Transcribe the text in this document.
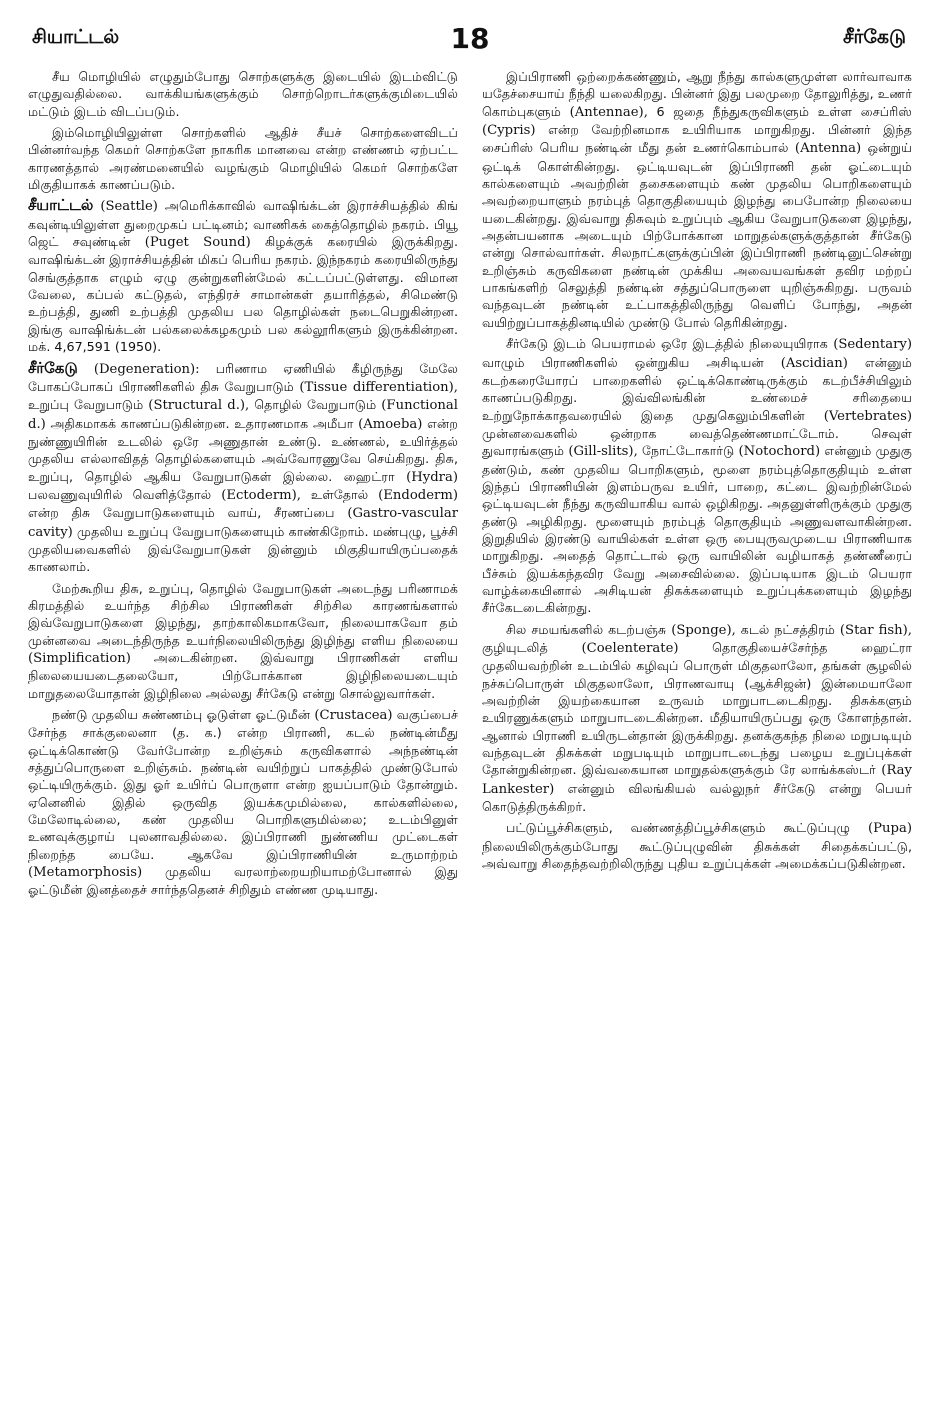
சியாட்டல்	18	சீர்கேடு

சீய மொழியில் எழுதும்போது சொற்களுக்கு இடையில் இடம்விட்டு எழுதுவதில்லை. வாக்கியங்களுக்கும் சொற்றொடர்களுக்குமிடையில் மட்டும் இடம் விடப்படும்.

இம்மொழியிலுள்ள சொற்களில் ஆதிச் சீயச் சொற்களைவிடப் பின்னர்வந்த கெமர் சொற்களே நாகரிக மானவை என்ற எண்ணம் ஏற்பட்ட காரணத்தால் அரண்மனையில் வழங்கும் மொழியில் கெமர் சொற்களே மிகுதியாகக் காணப்படும்.

சீயாட்டல் (Seattle) அமெரிக்காவில் வாஷிங்க்டன் இராச்சியத்தில் கிங் கவுன்டியிலுள்ள துறைமுகப் பட்டினம்; வாணிகக் கைத்தொழில் நகரம். பியூ ஜெட் சவுண்டின் (Puget Sound) கிழக்குக் கரையில் இருக்கிறது. வாஷிங்க்டன் இராச்சியத்தின் மிகப் பெரிய நகரம். இந்நகரம் கரையிலிருந்து செங்குத்தாக எழும் ஏழு குன்றுகளின்மேல் கட்டப்பட்டுள்ளது. விமான வேலை, கப்பல் கட்டுதல், எந்திரச் சாமான்கள் தயாரித்தல், சிமெண்டு உற்பத்தி, துணி உற்பத்தி முதலிய பல தொழில்கள் நடைபெறுகின்றன. இங்கு வாஷிங்க்டன் பல்கலைக்கழகமும் பல கல்லூரிகளும் இருக்கின்றன. மக். 4,67,591 (1950).

சீர்கேடு (Degeneration): பரிணாம ஏணியில் கீழிருந்து மேலே போகப்போகப் பிராணிகளில் திசு வேறுபாடும் (Tissue differentiation), உறுப்பு வேறுபாடும் (Structural d.), தொழில் வேறுபாடும் (Functional d.) அதிகமாகக் காணப்படுகின்றன. உதாரணமாக அமீபா (Amoeba) என்ற நுண்ணுயிரின் உடலில் ஒரே அணுதான் உண்டு. உண்ணல், உயிர்த்தல் முதலிய எல்லாவிதத் தொழில்களையும் அவ்வோரணுவே செய்கிறது. திசு, உறுப்பு, தொழில் ஆகிய வேறுபாடுகள் இல்லை. ஹைட்ரா (Hydra) பலவணுவுயிரில் வெளித்தோல் (Ectoderm), உள்தோல் (Endoderm) என்ற திசு வேறுபாடுகளையும் வாய், சீரணப்பை (Gastro-vascular cavity) முதலிய உறுப்பு வேறுபாடுகளையும் காண்கிறோம். மண்புழு, பூச்சி முதலியவைகளில் இவ்வேறுபாடுகள் இன்னும் மிகுதியாயிருப்பதைக் காணலாம்.

மேற்கூறிய திசு, உறுப்பு, தொழில் வேறுபாடுகள் அடைந்து பரிணாமக் கிரமத்தில் உயர்ந்த சிற்சில பிராணிகள் சிற்சில காரணங்களால் இவ்வேறுபாடுகளை இழந்து, தாற்காலிகமாகவோ, நிலையாகவோ தம் முன்னவை அடைந்திருந்த உயர்நிலையிலிருந்து இழிந்து எளிய நிலையை (Simplification) அடைகின்றன. இவ்வாறு பிராணிகள் எளிய நிலையையடைதலையோ, பிற்போக்கான இழிநிலையடையும் மாறுதலையோதான் இழிநிலை அல்லது சீர்கேடு என்று சொல்லுவார்கள்.

நண்டு முதலிய சுண்ணம்பு ஓடுள்ள ஓட்டுமீன் (Crustacea) வகுப்பைச் சேர்ந்த சாக்குலைனா (த. க.) என்ற பிராணி, கடல் நண்டின்மீது ஒட்டிக்கொண்டு வேர்போன்ற உறிஞ்சும் கருவிகளால் அந்நண்டின் சத்துப்பொருளை உறிஞ்சும். நண்டின் வயிற்றுப் பாகத்தில் முண்டுபோல் ஒட்டியிருக்கும். இது ஓர் உயிர்ப் பொருளா என்ற ஐயப்பாடும் தோன்றும். ஏனெனில் இதில் ஒருவித இயக்கமுமில்லை, கால்களில்லை, மேலோடில்லை, கண் முதலிய பொறிகளுமில்லை; உடம்பினுள் உணவுக்குழாய் புலனாவதில்லை. இப்பிராணி நுண்ணிய முட்டைகள் நிறைந்த பையே. ஆகவே இப்பிராணியின் உருமாற்றம் (Metamorphosis) முதலிய வரலாற்றையறியாமற்போனால் இது ஓட்டுமீன் இனத்தைச் சார்ந்ததெனச் சிறிதும் எண்ண முடியாது.

இப்பிராணி ஒற்றைக்கண்ணும், ஆறு நீந்து கால்களுமுள்ள லார்வாவாக யதேச்சையாய் நீந்தி யலைகிறது. பின்னர் இது பலமுறை தோலுரித்து, உணர் கொம்புகளும் (Antennae), 6 ஜதை நீந்துகருவிகளும் உள்ள சைப்ரிஸ் (Cypris) என்ற வேற்றினமாக உயிரியாக மாறுகிறது. பின்னர் இந்த சைப்ரிஸ் பெரிய நண்டின் மீது தன் உணர்கொம்பால் (Antenna) ஒன்றுய் ஒட்டிக் கொள்கின்றது. ஒட்டியவுடன் இப்பிராணி தன் ஓட்டையும் கால்களையும் அவற்றின் தசைகளையும் கண் முதலிய பொறிகளையும் அவற்றையாளும் நரம்புத் தொகுதியையும் இழந்து பைபோன்ற நிலையை யடைகின்றது. இவ்வாறு திசுவும் உறுப்பும் ஆகிய வேறுபாடுகளை இழந்து, அதன்பயனாக அடையும் பிற்போக்கான மாறுதல்களுக்குத்தான் சீர்கேடு என்று சொல்வார்கள். சிலநாட்களுக்குப்பின் இப்பிராணி நண்டினுட்சென்று உறிஞ்சும் கருவிகளை நண்டின் முக்கிய அவையவங்கள் தவிர மற்றப் பாகங்களிற் செலுத்தி நண்டின் சத்துப்பொருளை யுறிஞ்சுகிறது. பருவம் வந்தவுடன் நண்டின் உட்பாகத்திலிருந்து வெளிப் போந்து, அதன் வயிற்றுப்பாகத்தினடியில் முண்டு போல் தெரிகின்றது.

சீர்கேடு இடம் பெயராமல் ஒரே இடத்தில் நிலையுயிராக (Sedentary) வாழும் பிராணிகளில் ஒன்றுகிய அசிடியன் (Ascidian) என்னும் கடற்கரையோரப் பாறைகளில் ஒட்டிக்கொண்டிருக்கும் கடற்பீச்சியிலும் காணப்படுகிறது. இவ்விலங்கின் உண்மைச் சரிதையை உற்றுநோக்காதவரையில் இதை முதுகெலும்பிகளின் (Vertebrates) முன்னவைகளில் ஒன்றாக வைத்தெண்ணமாட்டோம். செவுள் துவாரங்களும் (Gill-slits), நோட்டோகார்டு (Notochord) என்னும் முதுகு தண்டும், கண் முதலிய பொறிகளும், மூளை நரம்புத்தொகுதியும் உள்ள இந்தப் பிராணியின் இளம்பருவ உயிர், பாறை, கட்டை இவற்றின்மேல் ஒட்டியவுடன் நீந்து கருவியாகிய வால் ஒழிகிறது. அதனுள்ளிருக்கும் முதுகு தண்டு அழிகிறது. மூளையும் நரம்புத் தொகுதியும் அணுவளவாகின்றன. இறுதியில் இரண்டு வாயில்கள் உள்ள ஒரு பையுருவமுடைய பிராணியாக மாறுகிறது. அதைத் தொட்டால் ஒரு வாயிலின் வழியாகத் தண்ணீரைப் பீச்சும் இயக்கந்தவிர வேறு அசைவில்லை. இப்படியாக இடம் பெயரா வாழ்க்கையினால் அசிடியன் திசுக்களையும் உறுப்புக்களையும் இழந்து சீர்கேடடைகின்றது.

சில சமயங்களில் கடற்பஞ்சு (Sponge), கடல் நட்சத்திரம் (Star fish), குழியுடலித்	(Coelenterate)	தொகுதியைச்சேர்ந்த ஹைட்ரா முதலியவற்றின் உடம்பில் கழிவுப் பொருள் மிகுதலாலோ, தங்கள் சூழலில் நச்சுப்பொருள் மிகுதலாலோ, பிராணவாயு (ஆக்சிஜன்) இன்மையாலோ அவற்றின் இயற்கையான உருவம் மாறுபாடடைகிறது. திசுக்களும் உயிரணுக்களும் மாறுபாடடைகின்றன. மீதியாயிருப்பது ஒரு கோளந்தான். ஆனால் பிராணி உயிருடன்தான் இருக்கிறது. தனக்குகந்த நிலை மறுபடியும் வந்தவுடன் திசுக்கள் மறுபடியும் மாறுபாடடைந்து பழைய உறுப்புக்கள் தோன்றுகின்றன. இவ்வகையான மாறுதல்களுக்கும் ரே லாங்க்கஸ்டர் (Ray Lankester) என்னும் விலங்கியல் வல்லுநர் சீர்கேடு என்று பெயர் கொடுத்திருக்கிறர்.

பட்டுப்பூச்சிகளும், வண்ணத்திப்பூச்சிகளும் கூட்டுப்புழு (Pupa) நிலையிலிருக்கும்போது கூட்டுப்புழுவின் திசுக்கள் சிதைக்கப்பட்டு, அவ்வாறு சிதைந்தவற்றிலிருந்து புதிய உறுப்புக்கள் அமைக்கப்படுகின்றன.
